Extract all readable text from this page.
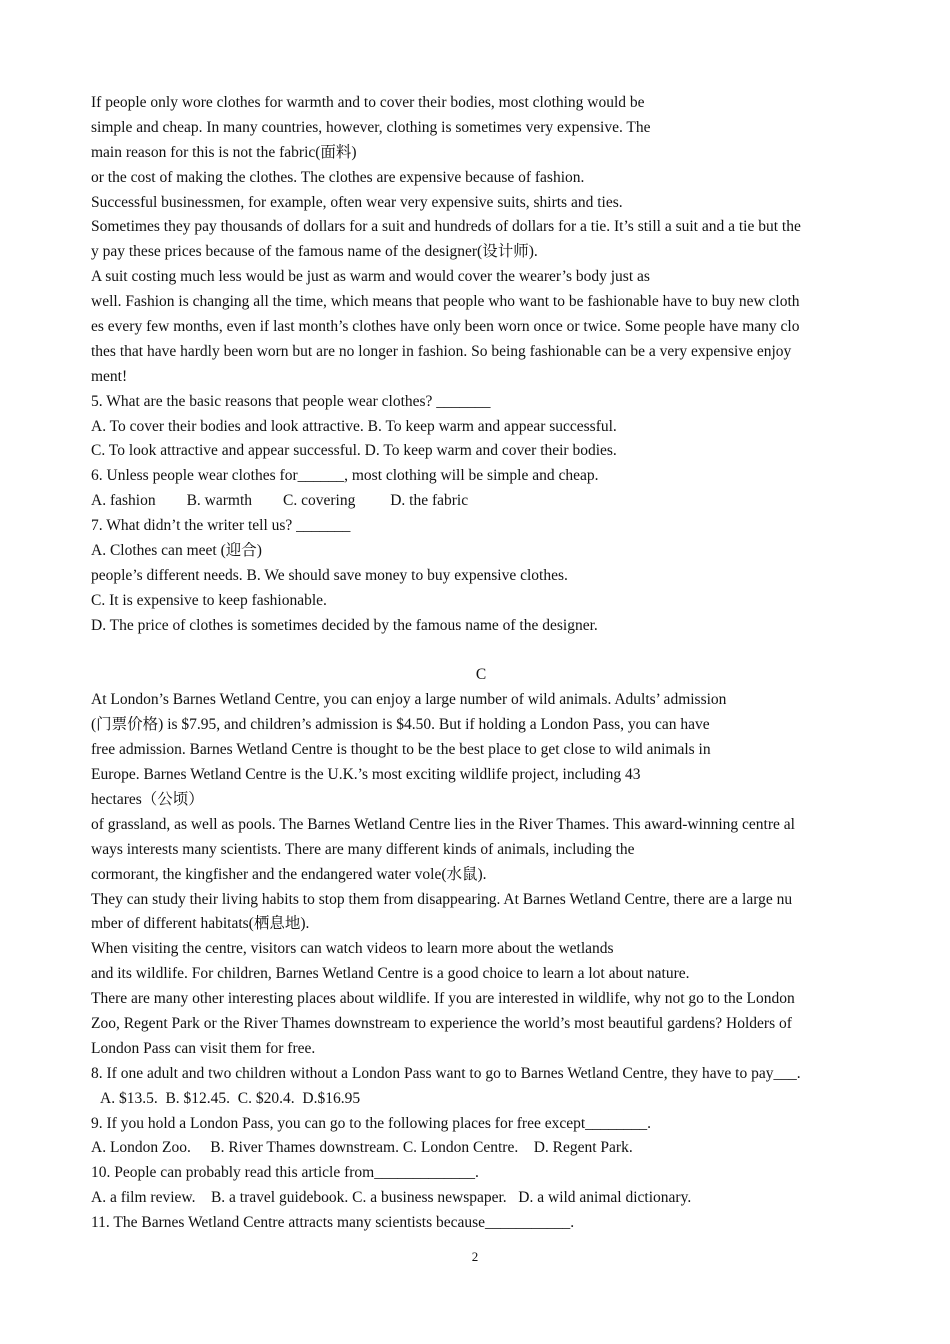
If people only wore clothes for warmth and to cover their bodies, most clothing would be
simple and cheap. In many countries, however, clothing is sometimes very expensive. The
main reason for this is not the fabric(面料)
or the cost of making the clothes. The clothes are expensive because of fashion.
Successful businessmen, for example, often wear very expensive suits, shirts and ties.
Sometimes they pay thousands of dollars for a suit and hundreds of dollars for a tie. It’s still a suit and a tie but the
y pay these prices because of the famous name of the designer(设计师).
A suit costing much less would be just as warm and would cover the wearer’s body just as
well. Fashion is changing all the time, which means that people who want to be fashionable have to buy new cloth
es every few months, even if last month’s clothes have only been worn once or twice. Some people have many clo
thes that have hardly been worn but are no longer in fashion. So being fashionable can be a very expensive enjoy
ment!
5. What are the basic reasons that people wear clothes? _______
A. To cover their bodies and look attractive. B. To keep warm and appear successful.
C. To look attractive and appear successful. D. To keep warm and cover their bodies.
6. Unless people wear clothes for______, most clothing will be simple and cheap.
A. fashion        B. warmth        C. covering         D. the fabric
7. What didn’t the writer tell us? _______
A. Clothes can meet (迎合)
people’s different needs. B. We should save money to buy expensive clothes.
C. It is expensive to keep fashionable.
D. The price of clothes is sometimes decided by the famous name of the designer.
C
At London’s Barnes Wetland Centre, you can enjoy a large number of wild animals. Adults’ admission
(门票价格) is $7.95, and children’s admission is $4.50. But if holding a London Pass, you can have
free admission. Barnes Wetland Centre is thought to be the best place to get close to wild animals in
Europe. Barnes Wetland Centre is the U.K.’s most exciting wildlife project, including 43
hectares（公顷）
of grassland, as well as pools. The Barnes Wetland Centre lies in the River Thames. This award-winning centre al
ways interests many scientists. There are many different kinds of animals, including the
cormorant, the kingfisher and the endangered water vole(水鼠).
They can study their living habits to stop them from disappearing. At Barnes Wetland Centre, there are a large nu
mber of different habitats(栖息地).
When visiting the centre, visitors can watch videos to learn more about the wetlands
and its wildlife. For children, Barnes Wetland Centre is a good choice to learn a lot about nature.
There are many other interesting places about wildlife. If you are interested in wildlife, why not go to the London
Zoo, Regent Park or the River Thames downstream to experience the world’s most beautiful gardens? Holders of
London Pass can visit them for free.
8. If one adult and two children without a London Pass want to go to Barnes Wetland Centre, they have to pay___.
A. $13.5.  B. $12.45.  C. $20.4.  D.$16.95
9. If you hold a London Pass, you can go to the following places for free except________.
A. London Zoo.     B. River Thames downstream. C. London Centre.    D. Regent Park.
10. People can probably read this article from_____________.
A. a film review.    B. a travel guidebook. C. a business newspaper.   D. a wild animal dictionary.
11. The Barnes Wetland Centre attracts many scientists because___________.
2
